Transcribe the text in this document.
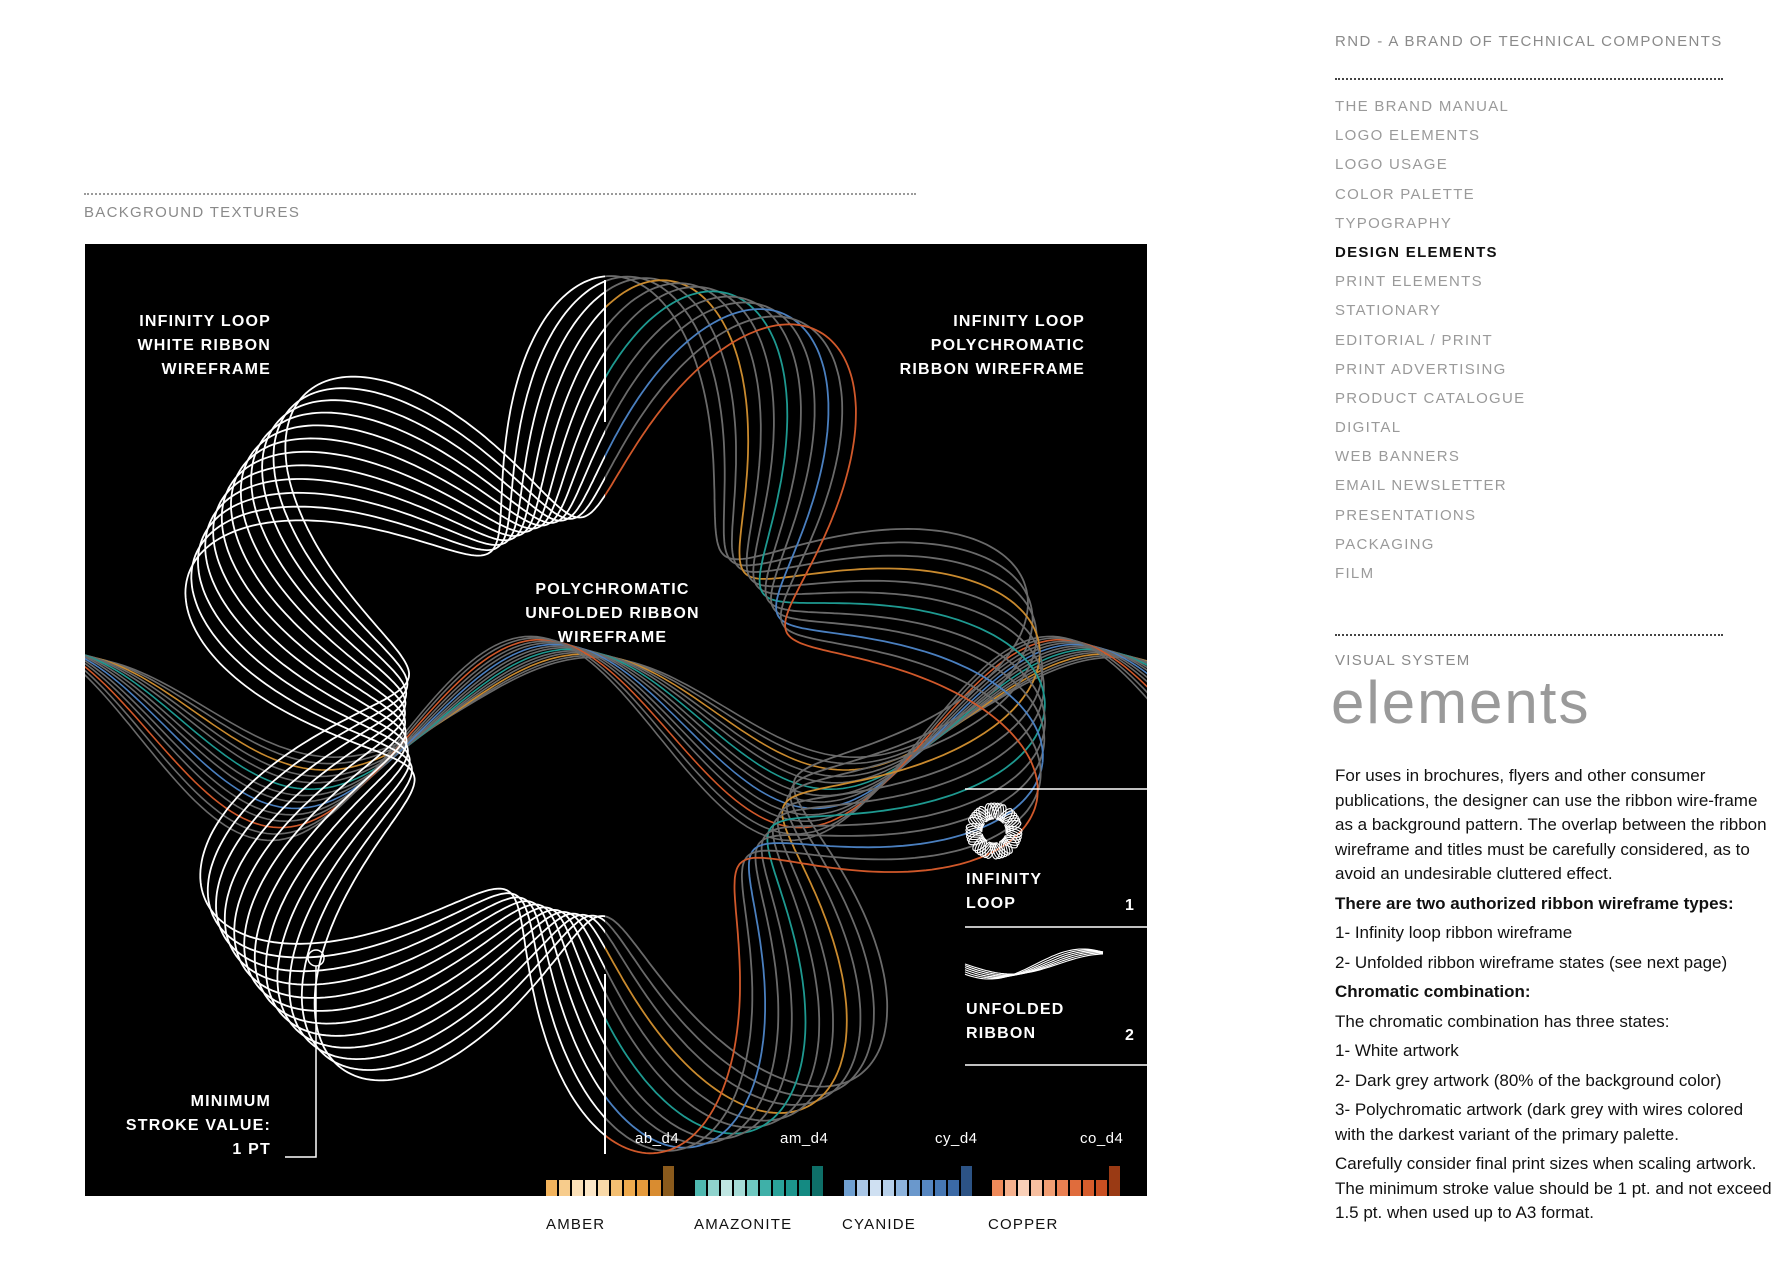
BACKGROUND TEXTURES
INFINITY LOOP
WHITE RIBBON
WIREFRAME
INFINITY LOOP
POLYCHROMATIC
RIBBON WIREFRAME
POLYCHROMATIC
UNFOLDED RIBBON
WIREFRAME
MINIMUM
STROKE VALUE:
1 PT
INFINITY
LOOP	1
UNFOLDED
RIBBON	2
ab_d4	am_d4	cy_d4	co_d4
AMBER	AMAZONITE	CYANIDE	COPPER
RND - A BRAND OF TECHNICAL COMPONENTS
THE BRAND MANUAL
LOGO ELEMENTS
LOGO USAGE
COLOR PALETTE
TYPOGRAPHY
DESIGN ELEMENTS
PRINT ELEMENTS
STATIONARY
EDITORIAL / PRINT
PRINT ADVERTISING
PRODUCT CATALOGUE
DIGITAL
WEB BANNERS
EMAIL NEWSLETTER
PRESENTATIONS
PACKAGING
FILM
VISUAL SYSTEM
elements

For uses in brochures, flyers and other consumer publications, the designer can use the ribbon wire-frame as a background pattern. The overlap between the ribbon wireframe and titles must be carefully considered, as to avoid an undesirable cluttered effect.

There are two authorized ribbon wireframe types:

1- Infinity loop ribbon wireframe

2- Unfolded ribbon wireframe states (see next page)

Chromatic combination:

The chromatic combination has three states:

1- White artwork

2- Dark grey artwork (80% of the background color)

3- Polychromatic artwork (dark grey with wires colored with the darkest variant of the primary palette.

Carefully consider final print sizes when scaling artwork. The minimum stroke value should be 1 pt. and not exceed 1.5 pt. when used up to A3 format.
